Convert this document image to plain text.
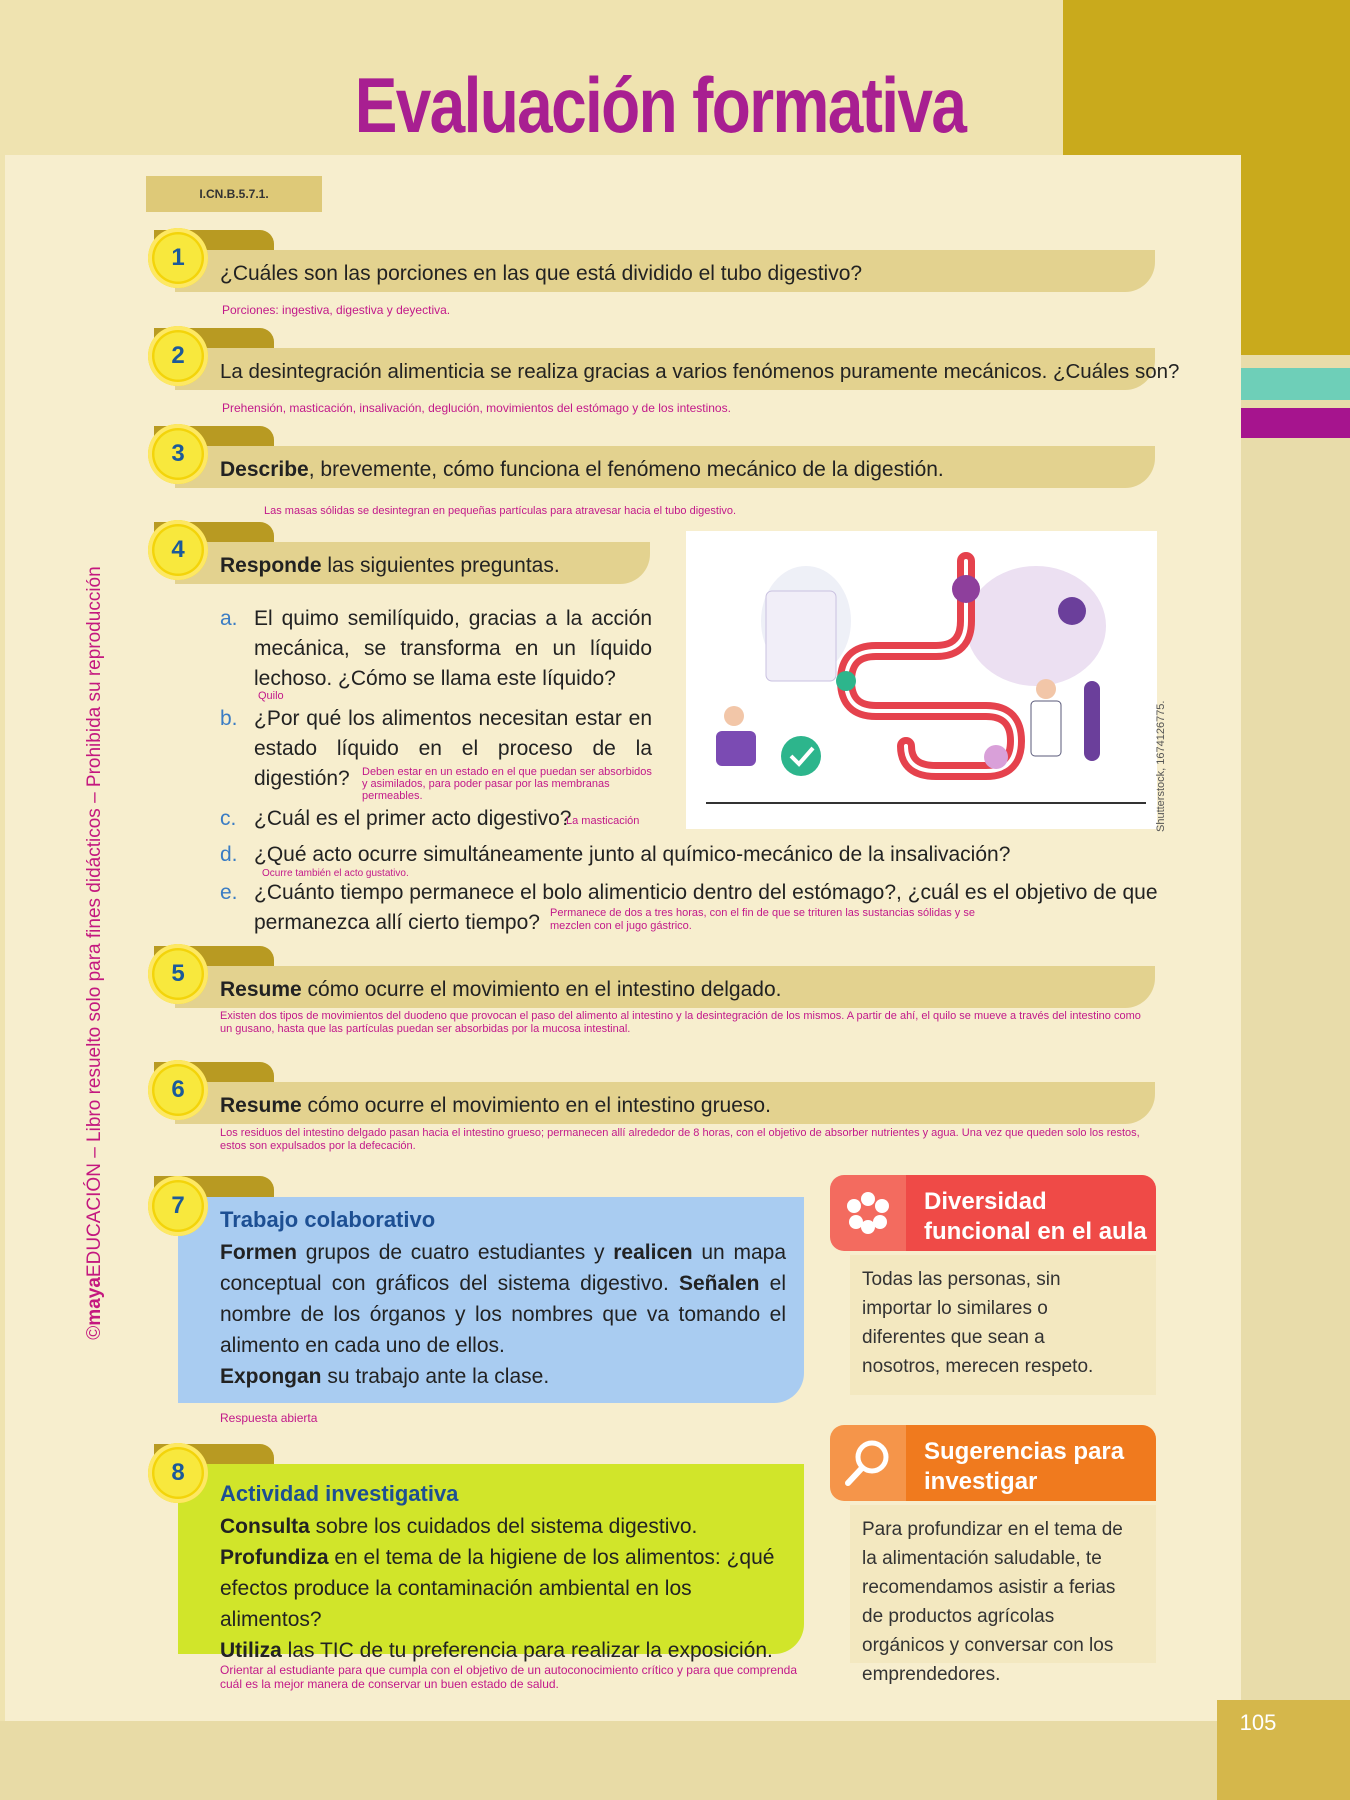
105
Evaluación formativa
I.CN.B.5.7.1.
©mayaEDUCACIÓN – Libro resuelto solo para fines didácticos – Prohibida su reproducción
1
¿Cuáles son las porciones en las que está dividido el tubo digestivo?
Porciones: ingestiva, digestiva y deyectiva.
2
La desintegración alimenticia se realiza gracias a varios fenómenos puramente mecánicos. ¿Cuáles son?
Prehensión, masticación, insalivación, deglución, movimientos del estómago y de los intestinos.
3
Describe, brevemente, cómo funciona el fenómeno mecánico de la digestión.
Las masas sólidas se desintegran en pequeñas partículas para atravesar hacia el tubo digestivo.
4
Responde las siguientes preguntas.
a. El quimo semilíquido, gracias a la acción mecánica, se transforma en un líquido lechoso. ¿Cómo se llama este líquido?
Quilo
b. ¿Por qué los alimentos necesitan estar en estado líquido en el proceso de la digestión?	Deben estar en un estado en el que puedan ser absorbidos y asimilados, para poder pasar por las membranas permeables.
c. ¿Cuál es el primer acto digestivo?
La masticación
d. ¿Qué acto ocurre simultáneamente junto al químico-mecánico de la insalivación?
Ocurre también el acto gustativo.
e. ¿Cuánto tiempo permanece el bolo alimenticio dentro del estómago?, ¿cuál es el objetivo de que
permanezca allí cierto tiempo? Permanece de dos a tres horas, con el fin de que se trituren las sustancias sólidas y se mezclen con el jugo gástrico.
Shutterstock, 1674126775.
5
Resume cómo ocurre el movimiento en el intestino delgado.
Existen dos tipos de movimientos del duodeno que provocan el paso del alimento al intestino y la desintegración de los mismos. A partir de ahí, el quilo se mueve a través del intestino como un gusano, hasta que las partículas puedan ser absorbidas por la mucosa intestinal.
6
Resume cómo ocurre el movimiento en el intestino grueso.
Los residuos del intestino delgado pasan hacia el intestino grueso; permanecen allí alrededor de 8 horas, con el objetivo de absorber nutrientes y agua. Una vez que queden solo los restos, estos son expulsados por la defecación.
7
Trabajo colaborativo
Formen grupos de cuatro estudiantes y realicen un mapa conceptual con gráficos del sistema digestivo. Señalen el nombre de los órganos y los nombres que va tomando el alimento en cada uno de ellos.
Expongan su trabajo ante la clase.
Respuesta abierta
8
Actividad investigativa
Consulta sobre los cuidados del sistema digestivo. Profundiza en el tema de la higiene de los alimentos: ¿qué efectos produce la contaminación ambiental en los alimentos?
Utiliza las TIC de tu preferencia para realizar la exposición.
Orientar al estudiante para que cumpla con el objetivo de un autoconocimiento crítico y para que comprenda cuál es la mejor manera de conservar un buen estado de salud.
Diversidad
funcional en el aula
Todas las personas, sin importar lo similares o diferentes que sean a nosotros, merecen respeto.
Sugerencias para
investigar
Para profundizar en el tema de la alimentación saludable, te recomendamos asistir a ferias de productos agrícolas orgánicos y conversar con los emprendedores.
